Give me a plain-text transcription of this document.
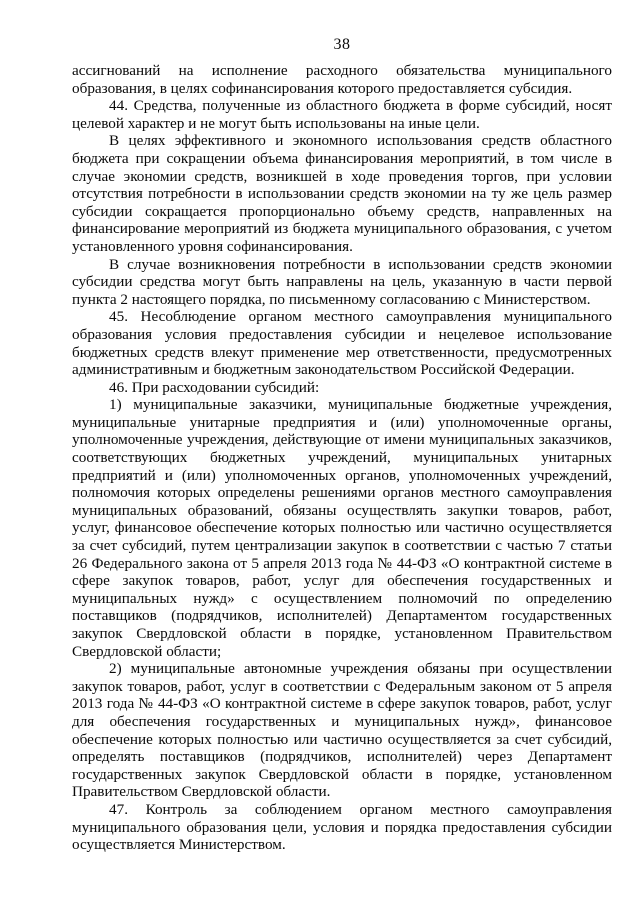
38

ассигнований на исполнение расходного обязательства муниципального образования, в целях софинансирования которого предоставляется субсидия.

44. Средства, полученные из областного бюджета в форме субсидий, носят целевой характер и не могут быть использованы на иные цели.

В целях эффективного и экономного использования средств областного бюджета при сокращении объема финансирования мероприятий, в том числе в случае экономии средств, возникшей в ходе проведения торгов, при условии отсутствия потребности в использовании средств экономии на ту же цель размер субсидии сокращается пропорционально объему средств, направленных на финансирование мероприятий из бюджета муниципального образования, с учетом установленного уровня софинансирования.

В случае возникновения потребности в использовании средств экономии субсидии средства могут быть направлены на цель, указанную в части первой пункта 2 настоящего порядка, по письменному согласованию с Министерством.

45. Несоблюдение органом местного самоуправления муниципального образования условия предоставления субсидии и нецелевое использование бюджетных средств влекут применение мер ответственности, предусмотренных административным и бюджетным законодательством Российской Федерации.

46. При расходовании субсидий:

1) муниципальные заказчики, муниципальные бюджетные учреждения, муниципальные унитарные предприятия и (или) уполномоченные органы, уполномоченные учреждения, действующие от имени муниципальных заказчиков, соответствующих бюджетных учреждений, муниципальных унитарных предприятий и (или) уполномоченных органов, уполномоченных учреждений, полномочия которых определены решениями органов местного самоуправления муниципальных образований, обязаны осуществлять закупки товаров, работ, услуг, финансовое обеспечение которых полностью или частично осуществляется за счет субсидий, путем централизации закупок в соответствии с частью 7 статьи 26 Федерального закона от 5 апреля 2013 года № 44-ФЗ «О контрактной системе в сфере закупок товаров, работ, услуг для обеспечения государственных и муниципальных нужд» с осуществлением полномочий по определению поставщиков (подрядчиков, исполнителей) Департаментом государственных закупок Свердловской области в порядке, установленном Правительством Свердловской области;

2) муниципальные автономные учреждения обязаны при осуществлении закупок товаров, работ, услуг в соответствии с Федеральным законом от 5 апреля 2013 года № 44-ФЗ «О контрактной системе в сфере закупок товаров, работ, услуг для обеспечения государственных и муниципальных нужд», финансовое обеспечение которых полностью или частично осуществляется за счет субсидий, определять поставщиков (подрядчиков, исполнителей) через Департамент государственных закупок Свердловской области в порядке, установленном Правительством Свердловской области.

47. Контроль за соблюдением органом местного самоуправления муниципального образования цели, условия и порядка предоставления субсидии осуществляется Министерством.
